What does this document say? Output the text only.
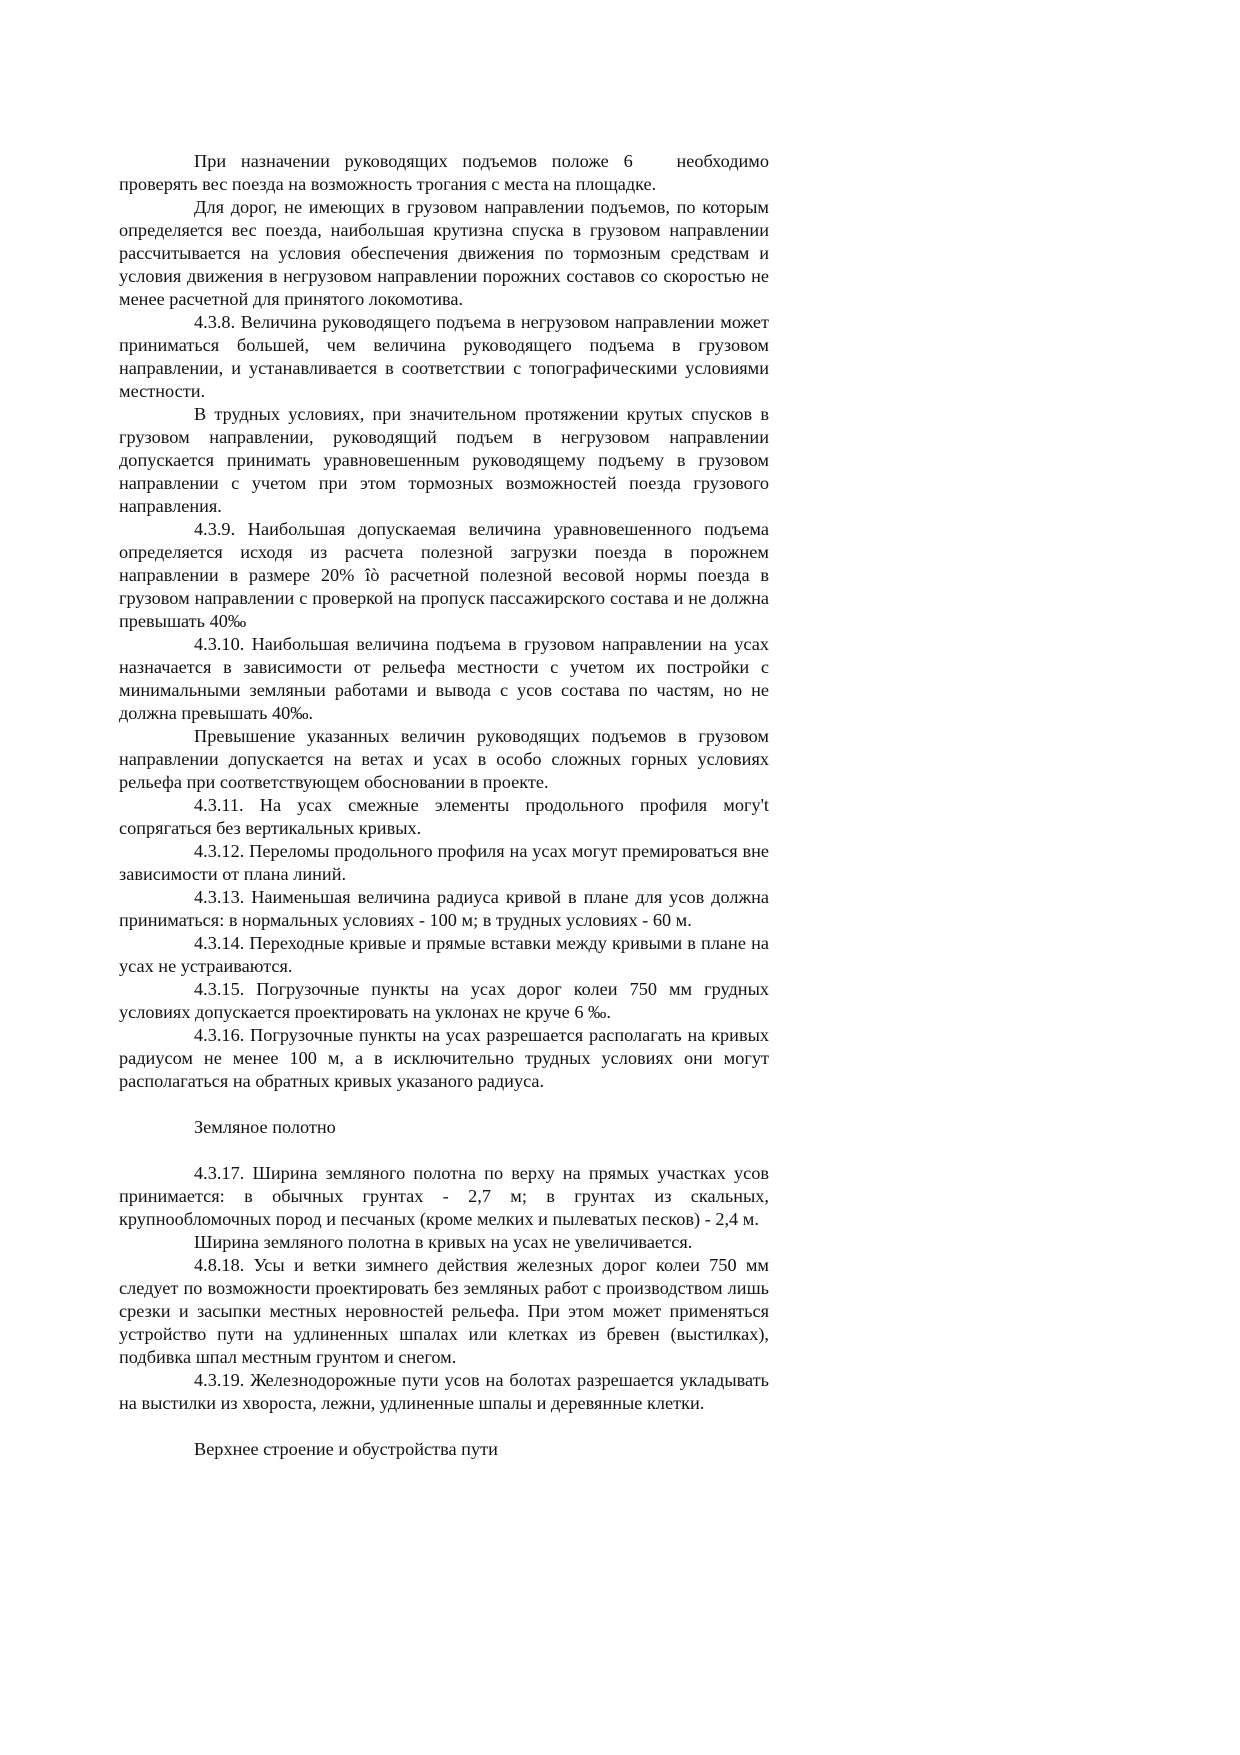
При назначении руководящих подъемов положе 6   необходимо проверять вес поезда на возможность трогания с места на площадке.

Для дорог, не имеющих в грузовом направлении подъемов, по которым определяется вес поезда, наибольшая крутизна спуска в грузовом направлении рассчитывается на условия обеспечения движения по тормозным средствам и условия движения в негрузовом направлении порожних составов со скоростью не менее расчетной для принятого локомотива.

4.3.8. Величина руководящего подъема в негрузовом направлении может приниматься большей, чем величина руководящего подъема в грузовом направлении, и устанавливается в соответствии с топографическими условиями местности.

В трудных условиях, при значительном протяжении крутых спусков в грузовом направлении, руководящий подъем в негрузовом направлении допускается принимать уравновешенным руководящему подъему в грузовом направлении с учетом при этом тормозных возможностей поезда грузового направления.

4.3.9. Наибольшая допускаемая величина уравновешенного подъема определяется исходя из расчета полезной загрузки поезда в порожнем направлении в размере 20% îò расчетной полезной весовой нормы поезда в грузовом направлении с проверкой на пропуск пассажирского состава и не должна превышать 40‰

4.3.10. Наибольшая величина подъема в грузовом направлении на усах назначается в зависимости от рельефа местности с учетом их постройки с минимальными земляныи работами и вывода с усов состава по частям, но не должна превышать 40‰.

Превышение указанных величин руководящих подъемов в грузовом направлении допускается на ветах и усах в особо сложных горных условиях рельефа при соответствующем обосновании в проекте.

4.3.11. На усах смежные элементы продольного профиля могу't сопрягаться без вертикальных кривых.

4.3.12. Переломы продольного профиля на усах могут премироваться вне зависимости от плана линий.

4.3.13. Наименьшая величина радиуса кривой в плане для усов должна приниматься: в нормальных условиях - 100 м; в трудных условиях - 60 м.

4.3.14. Переходные кривые и прямые вставки между кривыми в плане на усах не устраиваются.

4.3.15. Погрузочные пункты на усах дорог колеи 750 мм грудных условиях допускается проектировать на уклонах не круче 6 ‰.

4.3.16. Погрузочные пункты на усах разрешается располагать на кривых радиусом не менее 100 м, а в исключительно трудных условиях они могут располагаться на обратных кривых указаного радиуса.

Земляное полотно

4.3.17. Ширина земляного полотна по верху на прямых участках усов принимается: в обычных грунтах - 2,7 м; в грунтах из скальных, крупнообломочных пород и песчаных (кроме мелких и пылеватых песков) - 2,4 м.

Ширина земляного полотна в кривых на усах не увеличивается.

4.8.18. Усы и ветки зимнего действия железных дорог колеи 750 мм следует по возможности проектировать без земляных работ с производством лишь срезки и засыпки местных неровностей рельефа. При этом может применяться устройство пути на удлиненных шпалах или клетках из бревен (выстилках), подбивка шпал местным грунтом и снегом.

4.3.19. Железнодорожные пути усов на болотах разрешается укладывать на выстилки из хвороста, лежни, удлиненные шпалы и деревянные клетки.

Верхнее строение и обустройства пути
